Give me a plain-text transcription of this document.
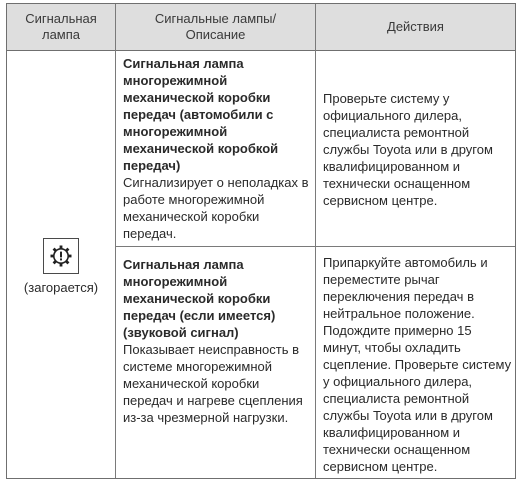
Сигнальная лампа
Сигнальные лампы/ Описание
Действия
(загорается)
Сигнальная лампа многорежимной механической коробки передач (автомобили с многорежимной механической коробкой передач)
Сигнализирует о неполадках в работе многорежимной механической коробки передач.
Проверьте систему у официального дилера, специалиста ремонтной службы Toyota или в другом квалифицированном и технически оснащенном сервисном центре.
Сигнальная лампа многорежимной механической коробки передач (если имеется) (звуковой сигнал)
Показывает неисправность в системе многорежимной механической коробки передач и нагреве сцепления из-за чрезмерной нагрузки.
Припаркуйте автомобиль и переместите рычаг переключения передач в нейтральное положение. Подождите примерно 15 минут, чтобы охладить сцепление. Проверьте систему у официального дилера, специалиста ремонтной службы Toyota или в другом квалифицированном и технически оснащенном сервисном центре.
